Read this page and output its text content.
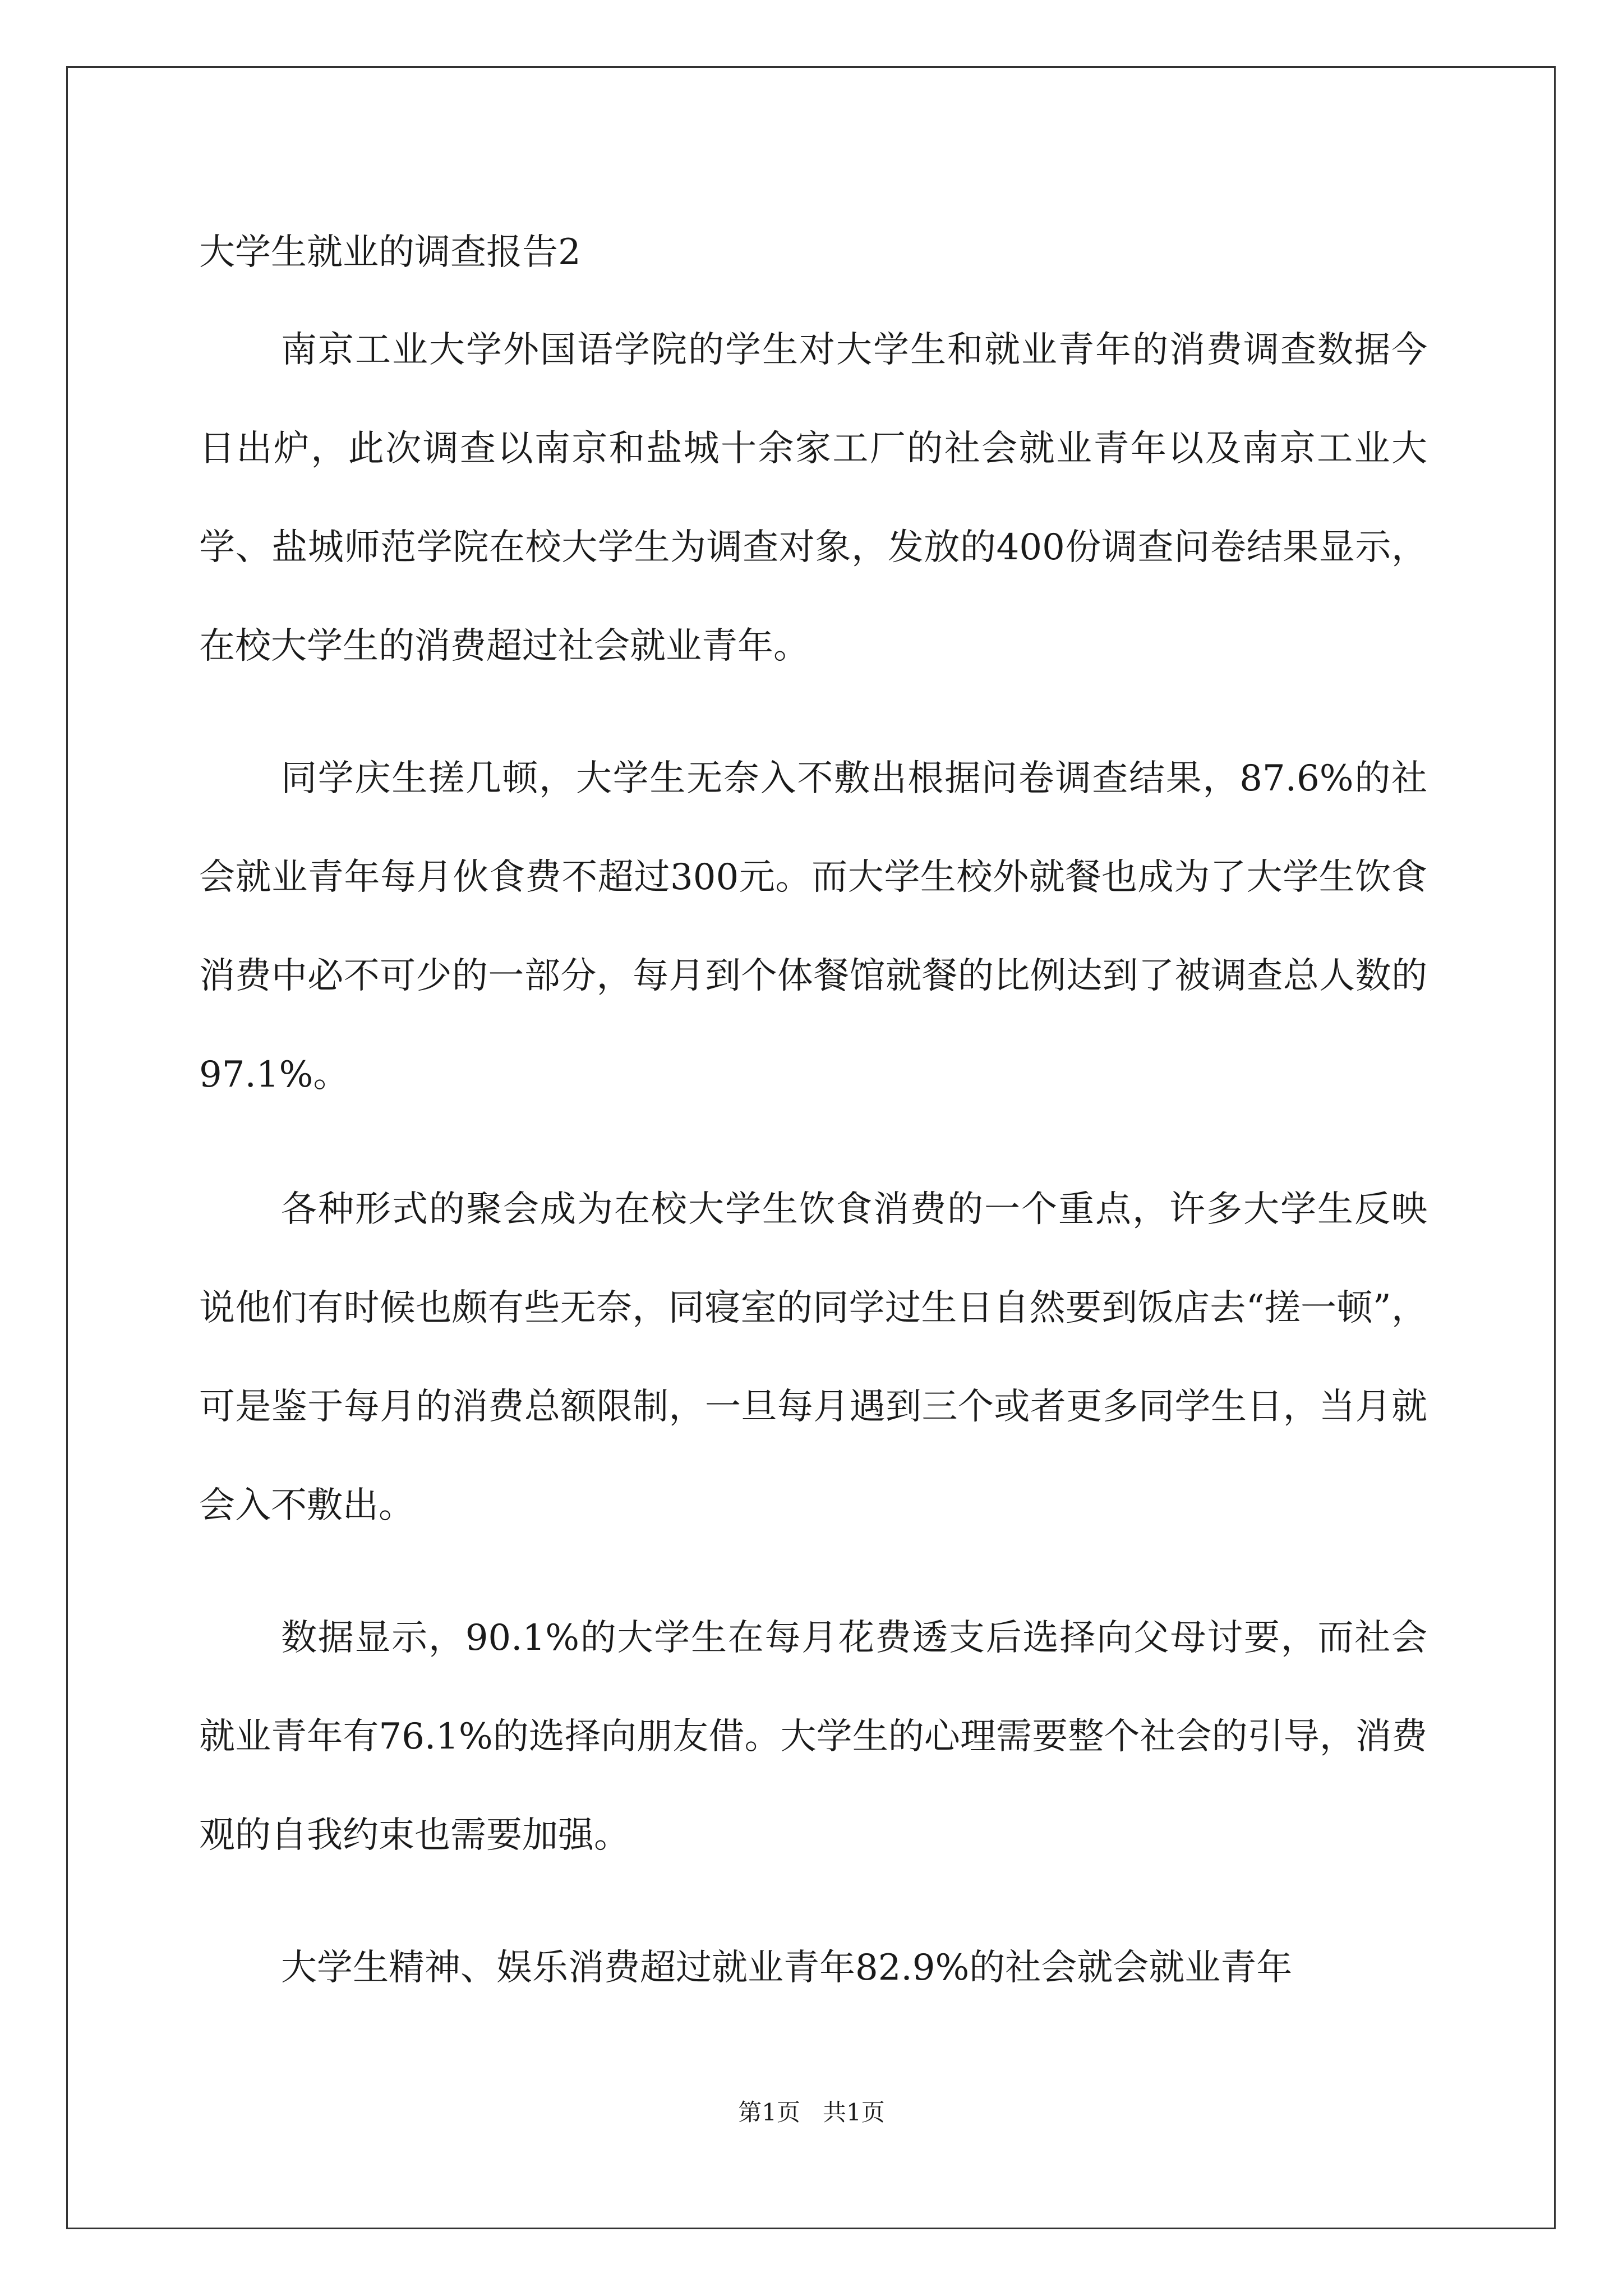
大学生就业的调查报告2

南京工业大学外国语学院的学生对大学生和就业青年的消费调查数据今日出炉，此次调查以南京和盐城十余家工厂的社会就业青年以及南京工业大学、盐城师范学院在校大学生为调查对象，发放的400份调查问卷结果显示，在校大学生的消费超过社会就业青年。

同学庆生搓几顿，大学生无奈入不敷出根据问卷调查结果，87.6%的社会就业青年每月伙食费不超过300元。而大学生校外就餐也成为了大学生饮食消费中必不可少的一部分，每月到个体餐馆就餐的比例达到了被调查总人数的97.1%。

各种形式的聚会成为在校大学生饮食消费的一个重点，许多大学生反映说他们有时候也颇有些无奈，同寝室的同学过生日自然要到饭店去“搓一顿”，可是鉴于每月的消费总额限制，一旦每月遇到三个或者更多同学生日，当月就会入不敷出。

数据显示，90.1%的大学生在每月花费透支后选择向父母讨要，而社会就业青年有76.1%的选择向朋友借。大学生的心理需要整个社会的引导，消费观的自我约束也需要加强。

大学生精神、娱乐消费超过就业青年82.9%的社会就会就业青年

第1页   共1页
